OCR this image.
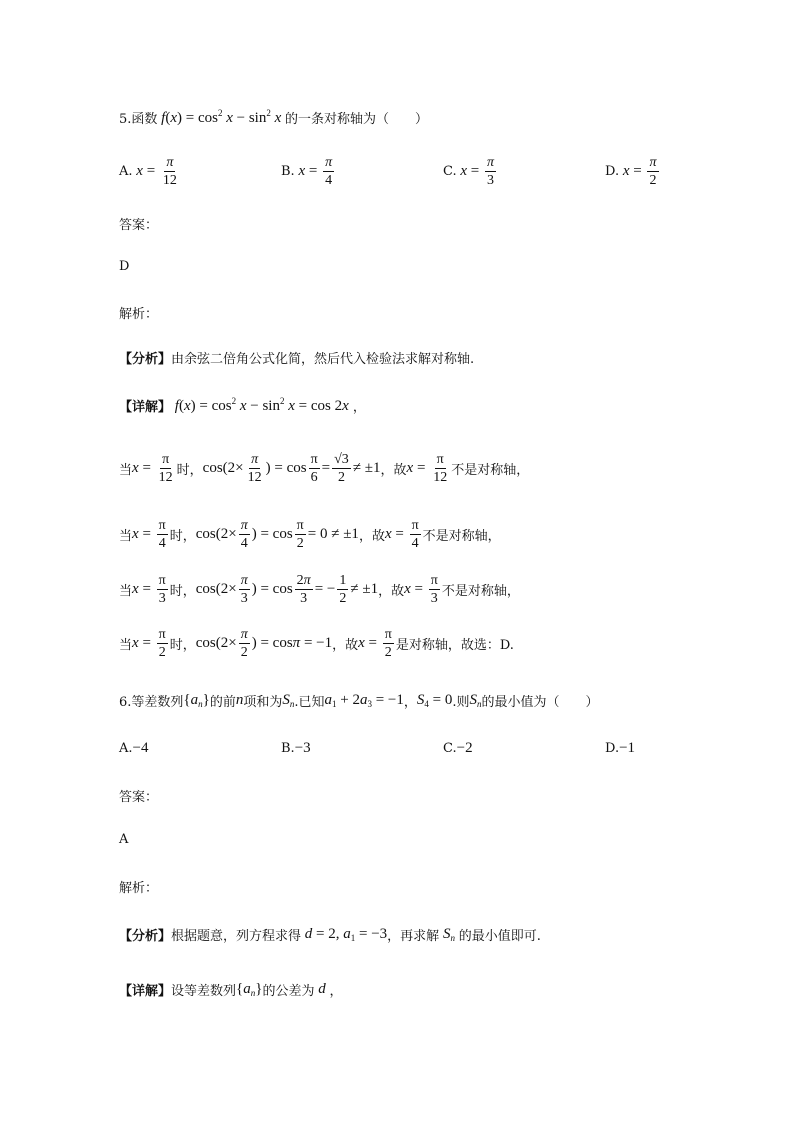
5.函数 $f(x) = \cos^2 x - \sin^2 x$ 的一条对称轴为（　　）
A. $x = \frac{\pi}{12}$	B. $x = \frac{\pi}{4}$	C. $x = \frac{\pi}{3}$	D. $x = \frac{\pi}{2}$
答案：
D
解析：
【分析】 由余弦二倍角公式化简，然后代入检验法求解对称轴.
【详解】 $f(x) = \cos^2 x - \sin^2 x = \cos 2x$ ，
当 $x = \frac{\pi}{12}$ 时， $\cos(2\times \frac{\pi}{12}$ ) = $\cos \frac{\pi}{6} = \frac{√3}{2} \ne \pm 1$ ，故 $x = \frac{\pi}{12}$ 不是对称轴，
当 $x = \frac{\pi}{4}$ 时， $\cos(2\times \frac{\pi}{4}$ ) = $\cos \frac{\pi}{2} = 0 \ne \pm 1$ ，故 $x = \frac{\pi}{4}$ 不是对称轴，
当 $x = \frac{\pi}{3}$ 时， $\cos(2\times \frac{\pi}{3}$ ) = $\cos \frac{2\pi}{3}$ = − $\frac{1}{2} \ne \pm 1$ ，故 $x = \frac{\pi}{3}$ 不是对称轴，
当 $x = \frac{\pi}{2}$ 时， $\cos(2\times \frac{\pi}{2}$ ) = cosπ = −1 ，故 $x = \frac{\pi}{2}$ 是对称轴，故选：D.
6.等差数列 $\{a_n\}$ 的前 n 项和为 S $_n$ .已知 $a_1 + 2a_3 = -1$ ， $S_4 = 0$ .则 $S_n$ 的最小值为（　　）
A. −4	B. −3	C. −2	D. −1
答案：
A
解析：
【分析】 根据题意，列方程求得 d = 2, $a_1 = -3$ ，再求解 $S_n$ 的最小值即可.
【详解】 设等差数列 $\{a_n\}$ 的公差为 d ，
